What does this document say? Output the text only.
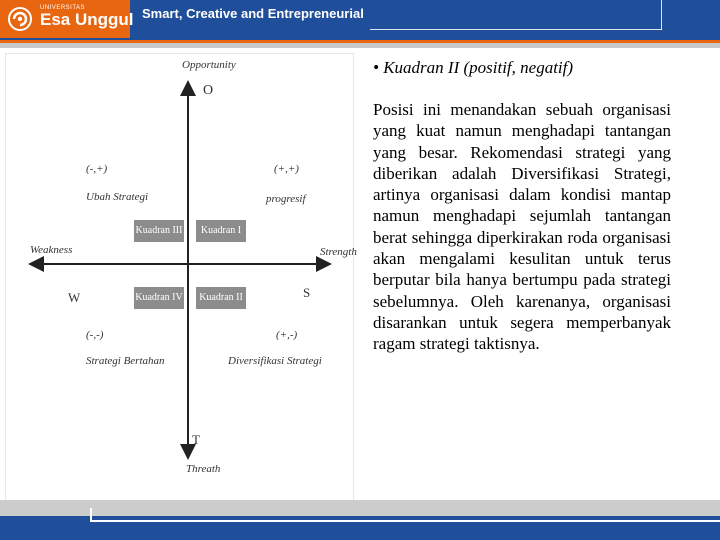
UNIVERSITAS
Esa Unggul Smart, Creative and Entrepreneurial
Opportunity
O
Threath
T
Weakness
W
Strength
S
(-,+)
Ubah Strategi
(+,+)
progresif
(-,-)
Strategi Bertahan
(+,-)
Diversifikasi Strategi
Kuadran III	Kuadran I
Kuadran IV	Kuadran II
• Kuadran II (positif, negatif)
Posisi ini menandakan sebuah organisasi yang kuat namun menghadapi tantangan yang besar. Rekomendasi strategi yang diberikan adalah Diversifikasi Strategi, artinya organisasi dalam kondisi mantap namun menghadapi sejumlah tantangan berat sehingga diperkirakan roda organisasi akan mengalami kesulitan untuk terus berputar bila hanya bertumpu pada strategi sebelumnya. Oleh karenanya, organisasi disarankan untuk segera memperbanyak ragam strategi taktisnya.
